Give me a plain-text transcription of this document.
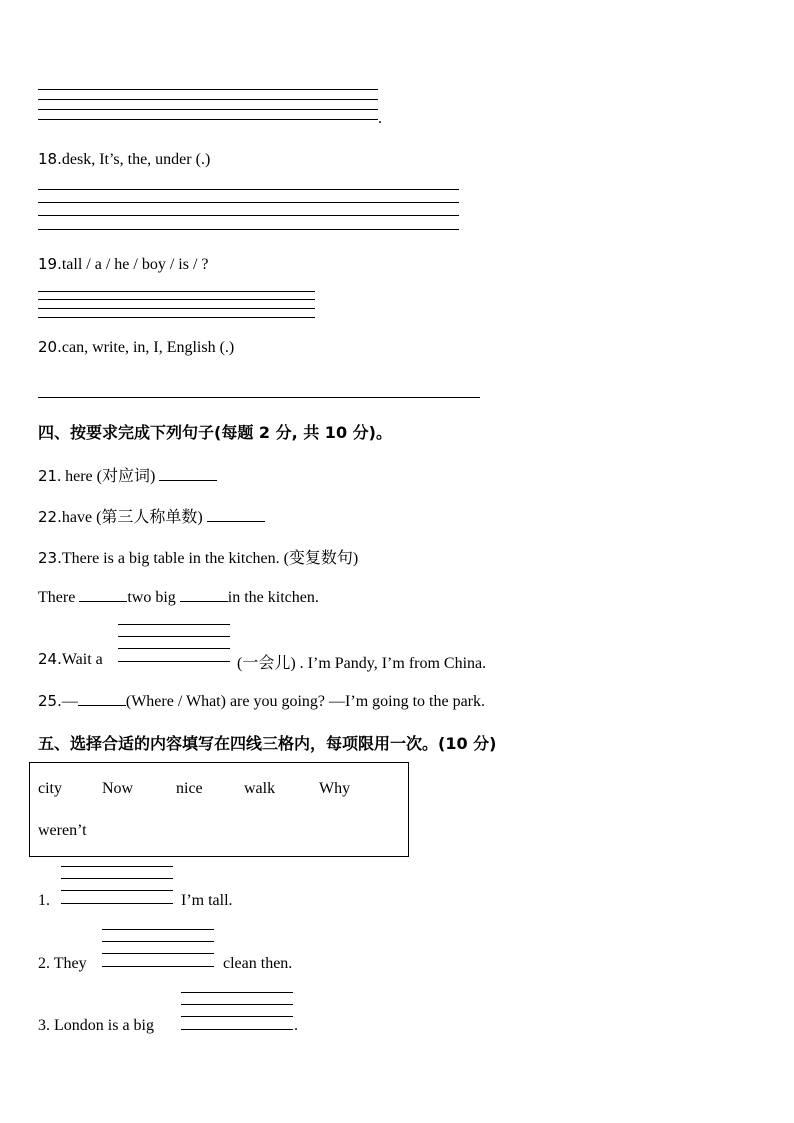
.
18.desk, It’s, the, under (.)
19.tall / a / he / boy / is / ?
20.can, write, in, I, English (.)
四、按要求完成下列句子(每题 2 分, 共 10 分)。
21. here (对应词)
22.have (第三人称单数)
23.There is a big table in the kitchen. (变复数句)
There	two big	in the kitchen.
24.Wait a	(一会儿) . I’m Pandy, I’m from China.
25.—	(Where / What) are you going? —I’m going to the park.
五、选择合适的内容填写在四线三格内，每项限用一次。(10 分)
city	Now	nice	walk	Why
weren’t
1.	I’m tall.
2. They	clean then.
3. London is a big	.
